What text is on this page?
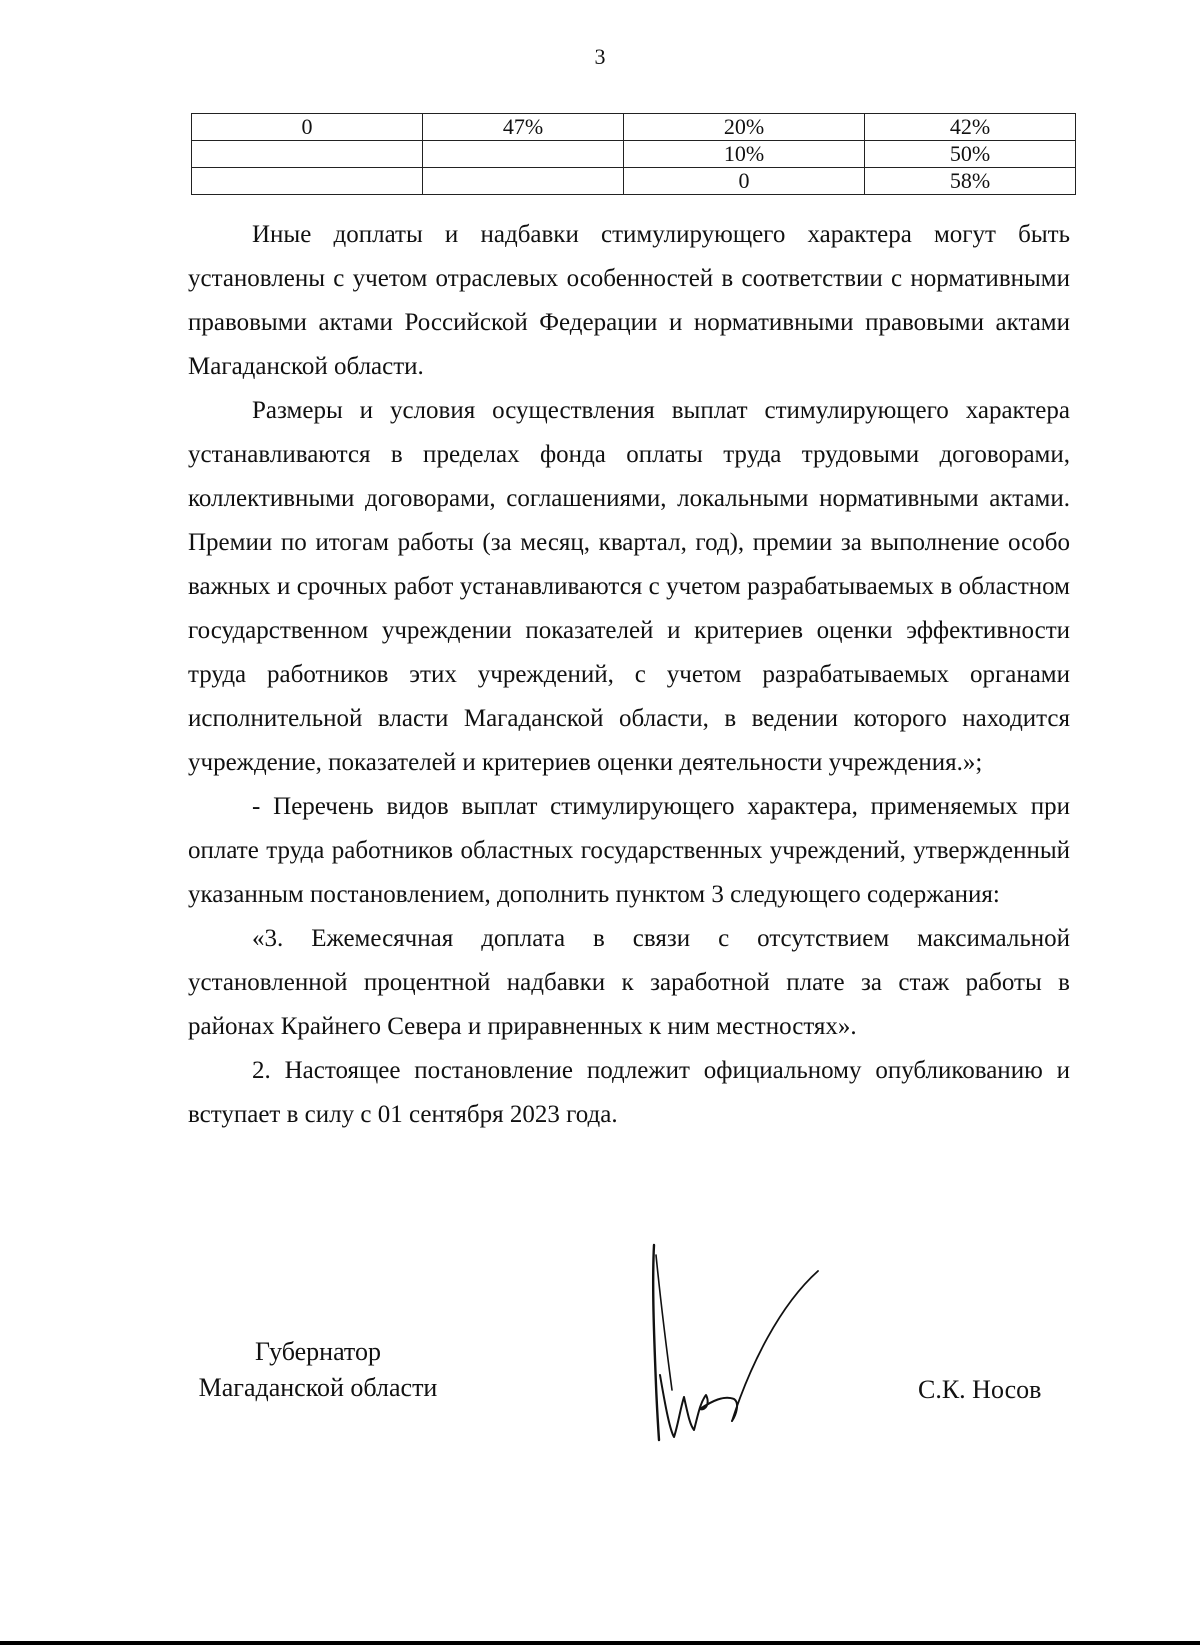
3
0	47%	20%	42%
		10%	50%
		0	58%

Иные доплаты и надбавки стимулирующего характера могут быть установлены с учетом отраслевых особенностей в соответствии с нормативными правовыми актами Российской Федерации и нормативными правовыми актами Магаданской области.

Размеры и условия осуществления выплат стимулирующего характера устанавливаются в пределах фонда оплаты труда трудовыми договорами, коллективными договорами, соглашениями, локальными нормативными актами. Премии по итогам работы (за месяц, квартал, год), премии за выполнение особо важных и срочных работ устанавливаются с учетом разрабатываемых в областном государственном учреждении показателей и критериев оценки эффективности труда работников этих учреждений, с учетом разрабатываемых органами исполнительной власти Магаданской области, в ведении которого находится учреждение, показателей и критериев оценки деятельности учреждения.»;

- Перечень видов выплат стимулирующего характера, применяемых при оплате труда работников областных государственных учреждений, утвержденный указанным постановлением, дополнить пунктом 3 следующего содержания:

«3. Ежемесячная доплата в связи с отсутствием максимальной установленной процентной надбавки к заработной плате за стаж работы в районах Крайнего Севера и приравненных к ним местностях».

2. Настоящее постановление подлежит официальному опубликованию и вступает в силу с 01 сентября 2023 года.

Губернатор
Магаданской области	С.К. Носов
